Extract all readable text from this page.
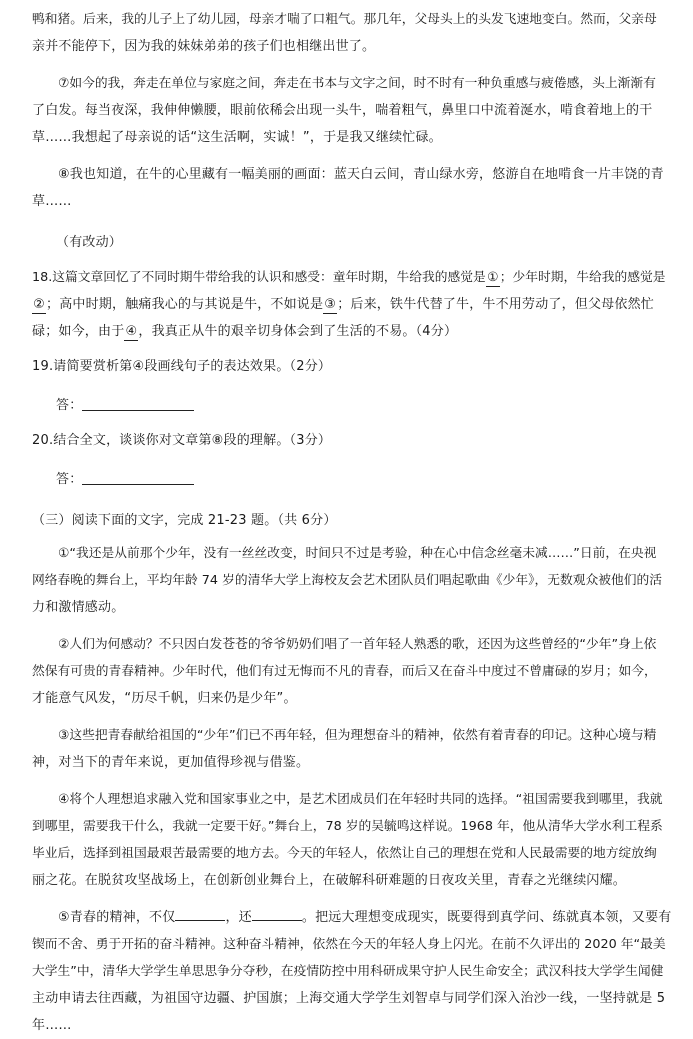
鸭和猪。后来，我的儿子上了幼儿园，母亲才喘了口粗气。那几年，父母头上的头发飞速地变白。然而，父亲母

亲并不能停下，因为我的妹妹弟弟的孩子们也相继出世了。

⑦如今的我，奔走在单位与家庭之间，奔走在书本与文字之间，时不时有一种负重感与疲倦感，头上渐渐有

了白发。每当夜深，我伸伸懒腰，眼前依稀会出现一头牛，喘着粗气，鼻里口中流着涎水，啃食着地上的干

草……我想起了母亲说的话“这生活啊，实诚！”，于是我又继续忙碌。

⑧我也知道，在牛的心里藏有一幅美丽的画面：蓝天白云间，青山绿水旁，悠游自在地啃食一片丰饶的青

草……

（有改动）

18.这篇文章回忆了不同时期牛带给我的认识和感受：童年时期，牛给我的感觉是①；少年时期，牛给我的感觉是

②；高中时期，触痛我心的与其说是牛，不如说是③；后来，铁牛代替了牛，牛不用劳动了，但父母依然忙

碌；如今，由于④，我真正从牛的艰辛切身体会到了生活的不易。（4分）

19.请简要赏析第④段画线句子的表达效果。（2分）

答：

20.结合全文，谈谈你对文章第⑧段的理解。（3分）

答：

（三）阅读下面的文字，完成 21-23 题。（共 6分）

①“我还是从前那个少年，没有一丝丝改变，时间只不过是考验，种在心中信念丝毫未减……”日前，在央视

网络春晚的舞台上，平均年龄 74 岁的清华大学上海校友会艺术团队员们唱起歌曲《少年》，无数观众被他们的活

力和激情感动。

②人们为何感动？不只因白发苍苍的爷爷奶奶们唱了一首年轻人熟悉的歌，还因为这些曾经的“少年”身上依

然保有可贵的青春精神。少年时代，他们有过无悔而不凡的青春，而后又在奋斗中度过不曾庸碌的岁月；如今，

才能意气风发，“历尽千帆，归来仍是少年”。

③这些把青春献给祖国的“少年”们已不再年轻，但为理想奋斗的精神，依然有着青春的印记。这种心境与精

神，对当下的青年来说，更加值得珍视与借鉴。

④将个人理想追求融入党和国家事业之中，是艺术团成员们在年轻时共同的选择。“祖国需要我到哪里，我就

到哪里，需要我干什么，我就一定要干好。”舞台上，78 岁的吴毓鸣这样说。1968 年，他从清华大学水利工程系

毕业后，选择到祖国最艰苦最需要的地方去。今天的年轻人，依然让自己的理想在党和人民最需要的地方绽放绚

丽之花。在脱贫攻坚战场上，在创新创业舞台上，在破解科研难题的日夜攻关里，青春之光继续闪耀。

⑤青春的精神，不仅	，还	。把远大理想变成现实，既要得到真学问、练就真本领，又要有

锲而不舍、勇于开拓的奋斗精神。这种奋斗精神，依然在今天的年轻人身上闪光。在前不久评出的 2020 年“最美

大学生”中，清华大学学生单思思争分夺秒，在疫情防控中用科研成果守护人民生命安全；武汉科技大学学生闻健

主动申请去往西藏，为祖国守边疆、护国旗；上海交通大学学生刘智卓与同学们深入治沙一线，一坚持就是 5

年……
